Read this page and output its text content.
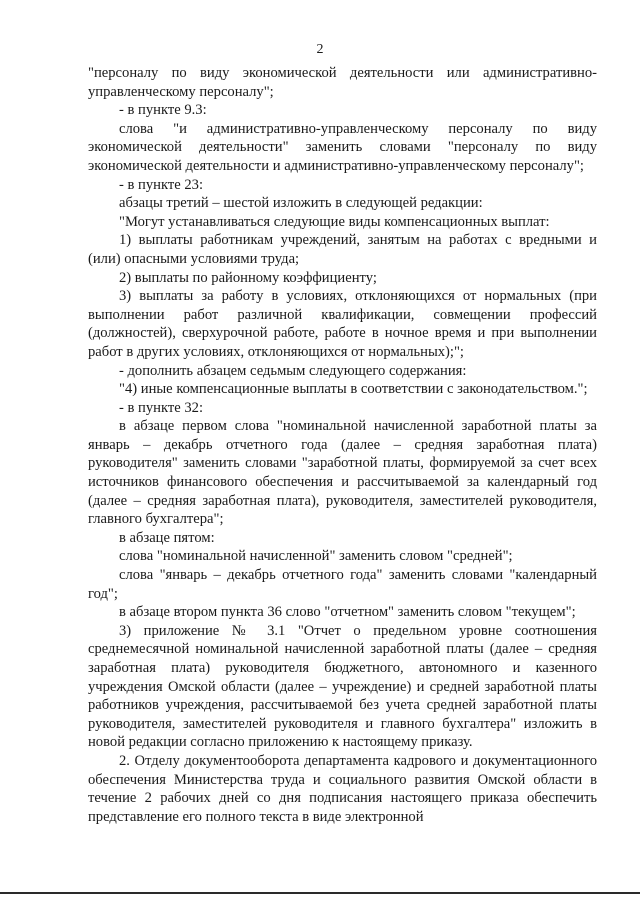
2

"персоналу по виду экономической деятельности или административно-управленческому персоналу";

- в пункте 9.3:

слова "и административно-управленческому персоналу по виду экономической деятельности" заменить словами "персоналу по виду экономической деятельности и административно-управленческому персоналу";

- в пункте 23:

абзацы третий – шестой изложить в следующей редакции:

"Могут устанавливаться следующие виды компенсационных выплат:

1) выплаты работникам учреждений, занятым на работах с вредными и (или) опасными условиями труда;

2) выплаты по районному коэффициенту;

3) выплаты за работу в условиях, отклоняющихся от нормальных (при выполнении работ различной квалификации, совмещении профессий (должностей), сверхурочной работе, работе в ночное время и при выполнении работ в других условиях, отклоняющихся от нормальных);";

- дополнить абзацем седьмым следующего содержания:

"4) иные компенсационные выплаты в соответствии с законодательством.";

- в пункте 32:

в абзаце первом слова "номинальной начисленной заработной платы за январь – декабрь отчетного года (далее – средняя заработная плата) руководителя" заменить словами "заработной платы, формируемой за счет всех источников финансового обеспечения и рассчитываемой за календарный год (далее – средняя заработная плата), руководителя, заместителей руководителя, главного бухгалтера";

в абзаце пятом:

слова "номинальной начисленной" заменить словом "средней";

слова "январь – декабрь отчетного года" заменить словами "календарный год";

в абзаце втором пункта 36 слово "отчетном" заменить словом "текущем";

3) приложение № 3.1 "Отчет о предельном уровне соотношения среднемесячной номинальной начисленной заработной платы (далее – средняя заработная плата) руководителя бюджетного, автономного и казенного учреждения Омской области (далее – учреждение) и средней заработной платы работников учреждения, рассчитываемой без учета средней заработной платы руководителя, заместителей руководителя и главного бухгалтера" изложить в новой редакции согласно приложению к настоящему приказу.

2. Отделу документооборота департамента кадрового и документационного обеспечения Министерства труда и социального развития Омской области в течение 2 рабочих дней со дня подписания настоящего приказа обеспечить представление его полного текста в виде электронной
